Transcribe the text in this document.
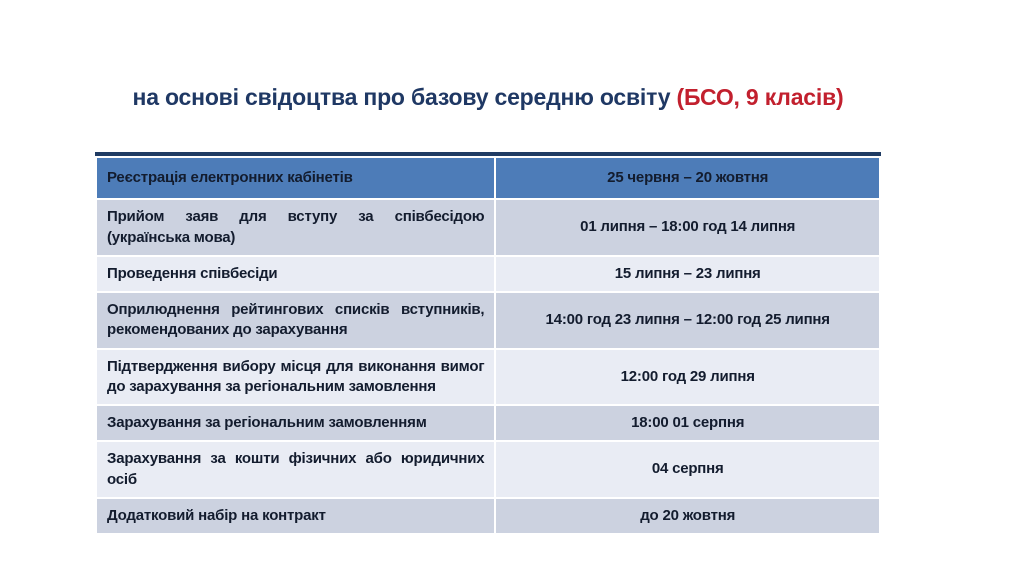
на основі свідоцтва про базову середню освіту (БСО, 9 класів)
Реєстрація електронних кабінетів	25 червня – 20 жовтня
Прийом заяв для вступу за співбесідою (українська мова)	01 липня – 18:00 год 14 липня
Проведення співбесіди	15 липня – 23 липня
Оприлюднення рейтингових списків вступників, рекомендованих до зарахування	14:00 год 23 липня – 12:00 год 25 липня
Підтвердження вибору місця для виконання вимог до зарахування за регіональним замовлення	12:00 год 29 липня
Зарахування за регіональним замовленням	18:00 01 серпня
Зарахування за кошти фізичних або юридичних осіб	04 серпня
Додатковий набір на контракт	до 20 жовтня
